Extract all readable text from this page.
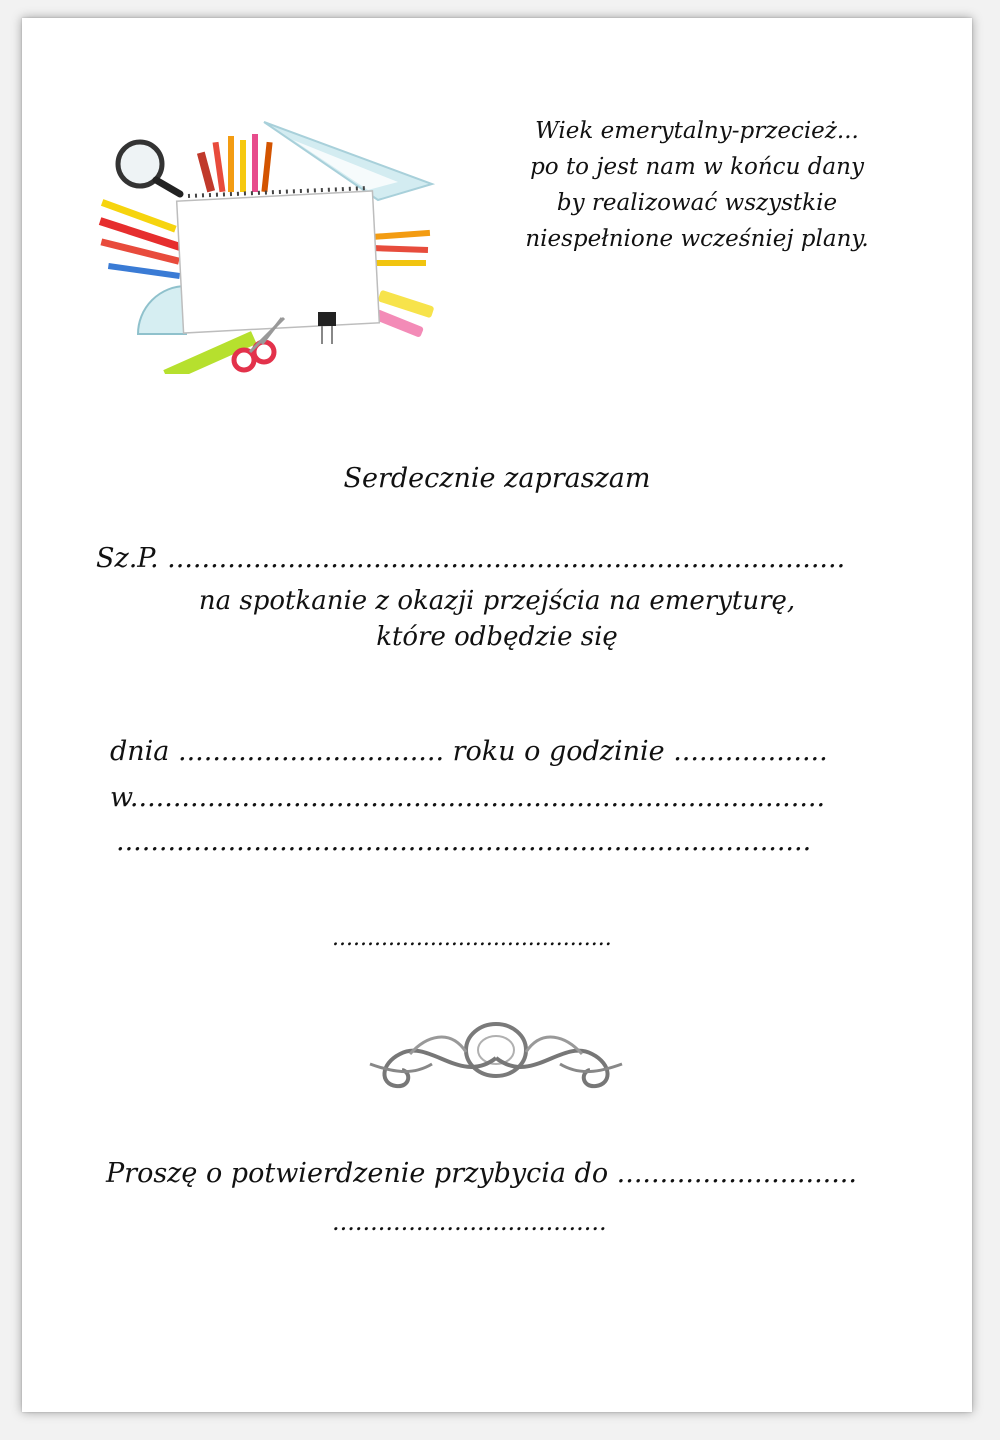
Wiek emerytalny-przecież...
po to jest nam w końcu dany
by realizować wszystkie
niespełnione wcześniej plany.
Serdecznie zapraszam
Sz.P. ...............................................................................
na spotkanie z okazji przejścia na emeryturę,
które odbędzie się
dnia ............................... roku o godzinie ..................
w.................................................................................
.................................................................................
........................................
Proszę o potwierdzenie przybycia do ............................
....................................
